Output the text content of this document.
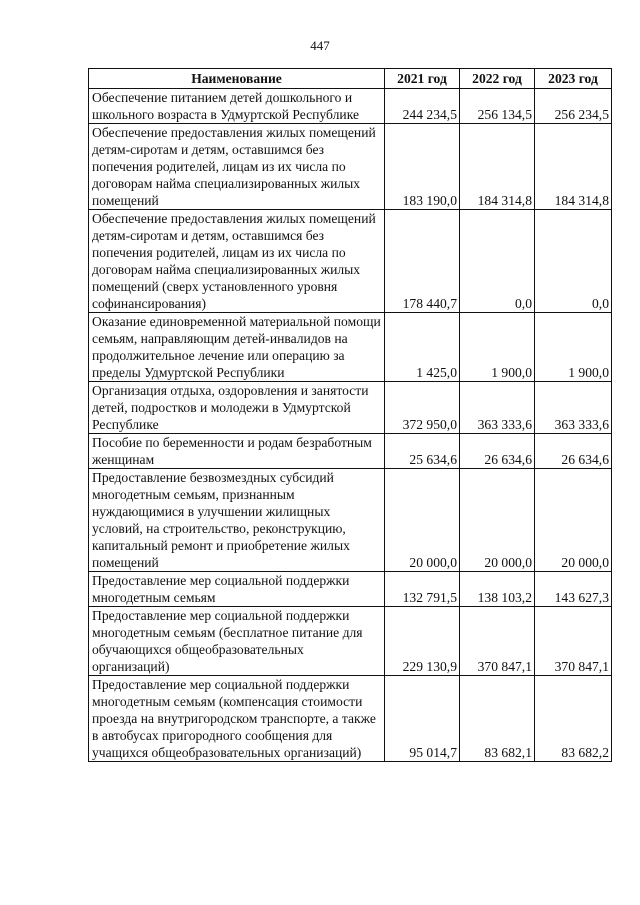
447
Наименование	2021 год	2022 год	2023 год
Обеспечение питанием детей дошкольного и школьного возраста в Удмуртской Республике	244 234,5	256 134,5	256 234,5
Обеспечение предоставления жилых помещений детям-сиротам и детям, оставшимся без попечения родителей, лицам из их числа по договорам найма специализированных жилых помещений	183 190,0	184 314,8	184 314,8
Обеспечение предоставления жилых помещений детям-сиротам и детям, оставшимся без попечения родителей, лицам из их числа по договорам найма специализированных жилых помещений (сверх установленного уровня софинансирования)	178 440,7	0,0	0,0
Оказание единовременной материальной помощи семьям, направляющим детей-инвалидов на продолжительное лечение или операцию за пределы Удмуртской Республики	1 425,0	1 900,0	1 900,0
Организация отдыха, оздоровления и занятости детей, подростков и молодежи в Удмуртской Республике	372 950,0	363 333,6	363 333,6
Пособие по беременности и родам безработным женщинам	25 634,6	26 634,6	26 634,6
Предоставление безвозмездных субсидий многодетным семьям, признанным нуждающимися в улучшении жилищных условий, на строительство, реконструкцию, капитальный ремонт и приобретение жилых помещений	20 000,0	20 000,0	20 000,0
Предоставление мер социальной поддержки многодетным семьям	132 791,5	138 103,2	143 627,3
Предоставление мер социальной поддержки многодетным семьям (бесплатное питание для обучающихся общеобразовательных организаций)	229 130,9	370 847,1	370 847,1
Предоставление мер социальной поддержки многодетным семьям (компенсация стоимости проезда на внутригородском транспорте, а также в автобусах пригородного сообщения для учащихся общеобразовательных организаций)	95 014,7	83 682,1	83 682,2
